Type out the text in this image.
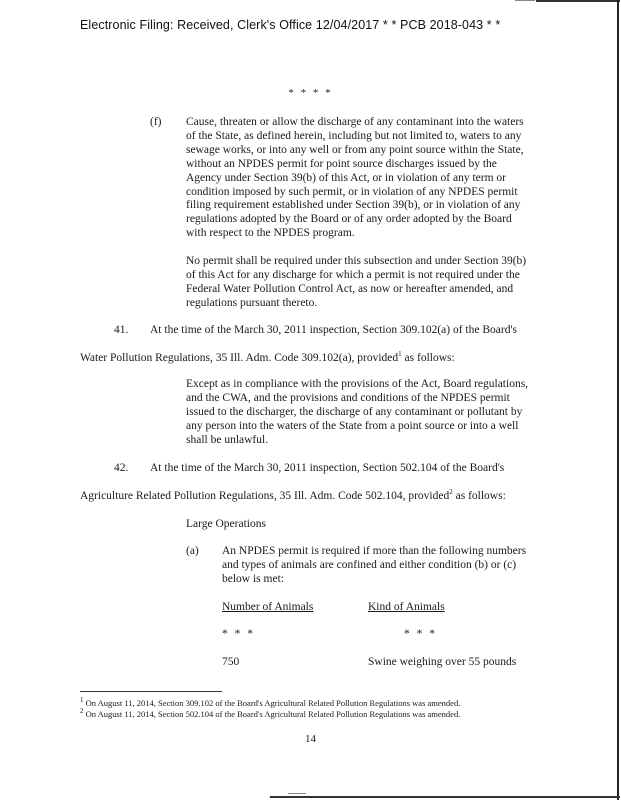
Electronic Filing: Received, Clerk's Office 12/04/2017 * * PCB 2018-043 * *
* * * *
(f) Cause, threaten or allow the discharge of any contaminant into the waters
of the State, as defined herein, including but not limited to, waters to any
sewage works, or into any well or from any point source within the State,
without an NPDES permit for point source discharges issued by the
Agency under Section 39(b) of this Act, or in violation of any term or
condition imposed by such permit, or in violation of any NPDES permit
filing requirement established under Section 39(b), or in violation of any
regulations adopted by the Board or of any order adopted by the Board
with respect to the NPDES program.
No permit shall be required under this subsection and under Section 39(b)
of this Act for any discharge for which a permit is not required under the
Federal Water Pollution Control Act, as now or hereafter amended, and
regulations pursuant thereto.
41. At the time of the March 30, 2011 inspection, Section 309.102(a) of the Board's
Water Pollution Regulations, 35 Ill. Adm. Code 309.102(a), provided$^1$ as follows:
Except as in compliance with the provisions of the Act, Board regulations,
and the CWA, and the provisions and conditions of the NPDES permit
issued to the discharger, the discharge of any contaminant or pollutant by
any person into the waters of the State from a point source or into a well
shall be unlawful.
42. At the time of the March 30, 2011 inspection, Section 502.104 of the Board's
Agriculture Related Pollution Regulations, 35 Ill. Adm. Code 502.104, provided$^2$ as follows:
Large Operations
(a) An NPDES permit is required if more than the following numbers
and types of animals are confined and either condition (b) or (c)
below is met:
Number of Animals	Kind of Animals
* * *	* * *
750	Swine weighing over 55 pounds
$^1$ On August 11, 2014, Section 309.102 of the Board's Agricultural Related Pollution Regulations was amended.
$^2$ On August 11, 2014, Section 502.104 of the Board's Agricultural Related Pollution Regulations was amended.
14
